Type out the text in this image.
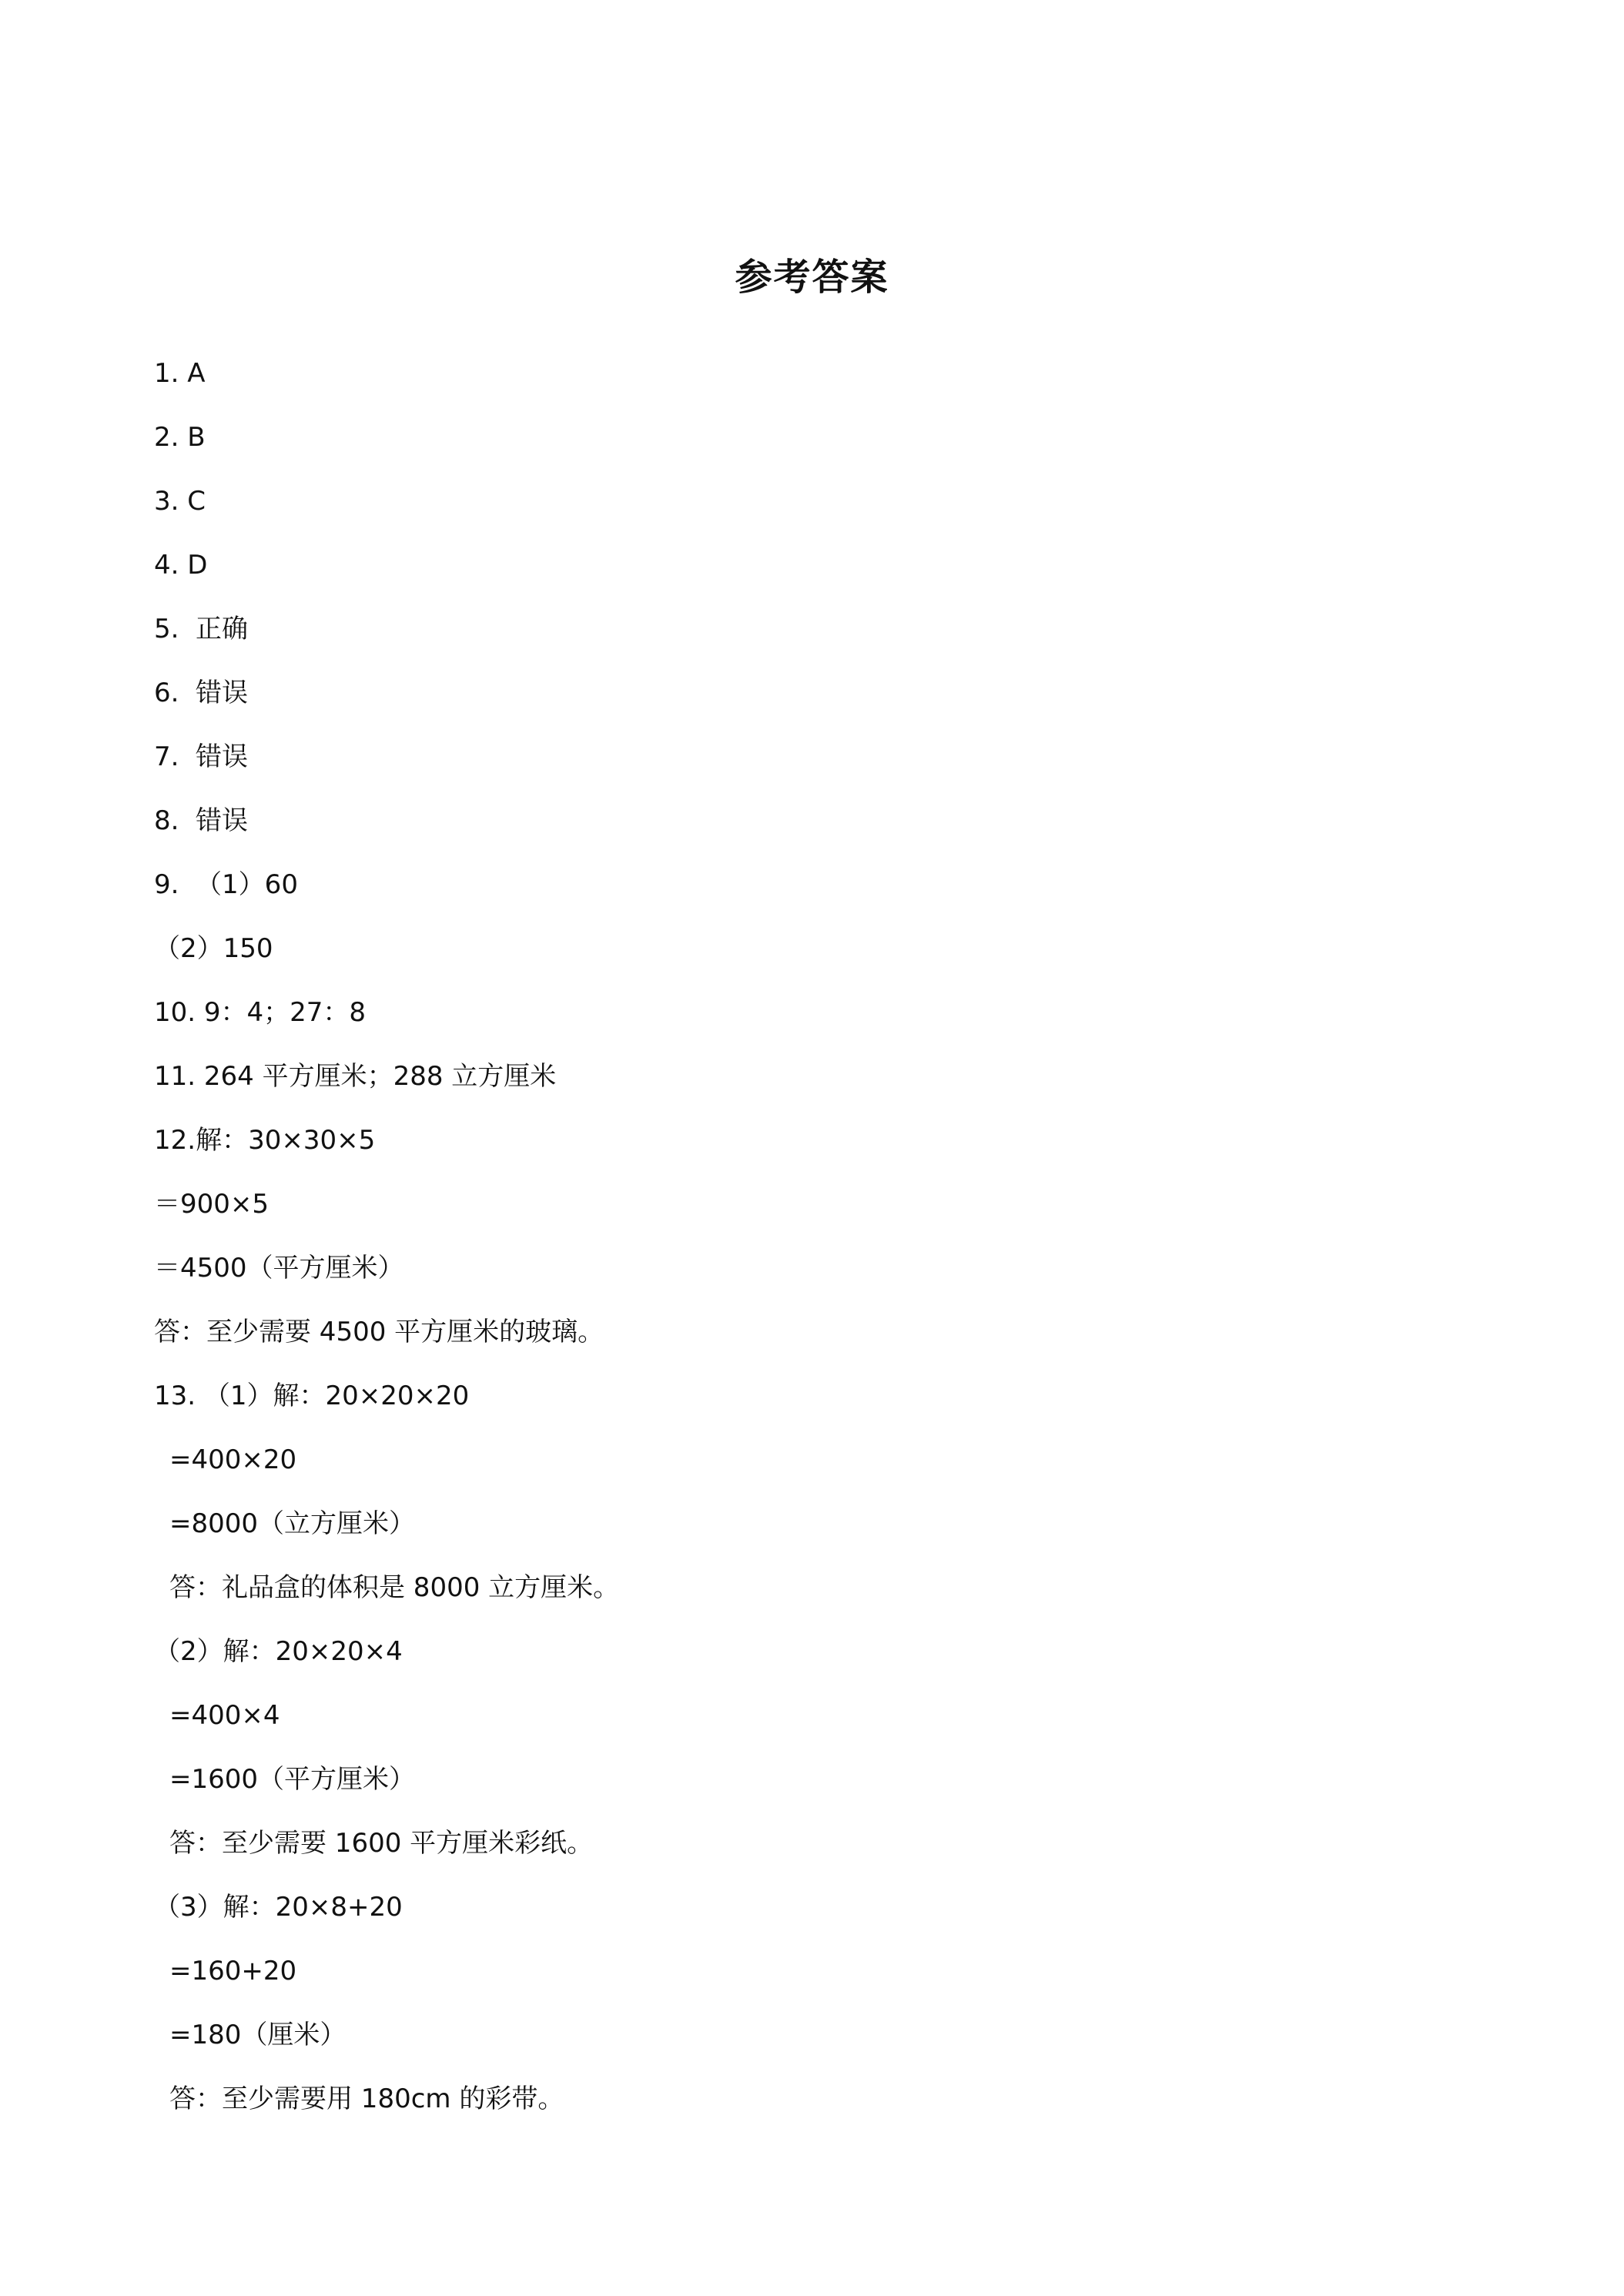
参考答案
1. A
2. B
3. C
4. D
5.  正确
6.  错误
7.  错误
8.  错误
9.  （1）60
（2）150
10. 9：4；27：8
11. 264 平方厘米；288 立方厘米
12.解：30×30×5
＝900×5
＝4500（平方厘米）
答：至少需要 4500 平方厘米的玻璃。
13. （1）解：20×20×20
=400×20
=8000（立方厘米）
答：礼品盒的体积是 8000 立方厘米。
（2）解：20×20×4
=400×4
=1600（平方厘米）
答：至少需要 1600 平方厘米彩纸。
（3）解：20×8+20
=160+20
=180（厘米）
答：至少需要用 180cm 的彩带。
